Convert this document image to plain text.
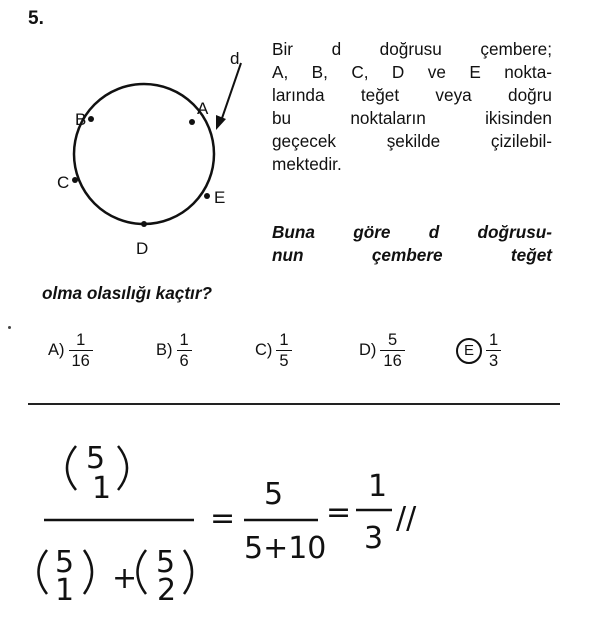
5.
d
A
B
C
D
E
Bir d doğrusu çembere;
A, B, C, D ve E nokta-
larında teğet veya doğru
bu noktaların ikisinden
geçecek şekilde çizilebil-
mektedir.
Buna göre d doğrusu-
nun çembere teğet
olma olasılığı kaçtır?
$A) \frac{1}{16}$	$B) \frac{1}{6}$	$C) \frac{1}{5}$	$D) \frac{5}{16}$	E $\frac{1}{3}$
5
1
5
1 + 5
2
=
5
5+10
=
1
3
//
